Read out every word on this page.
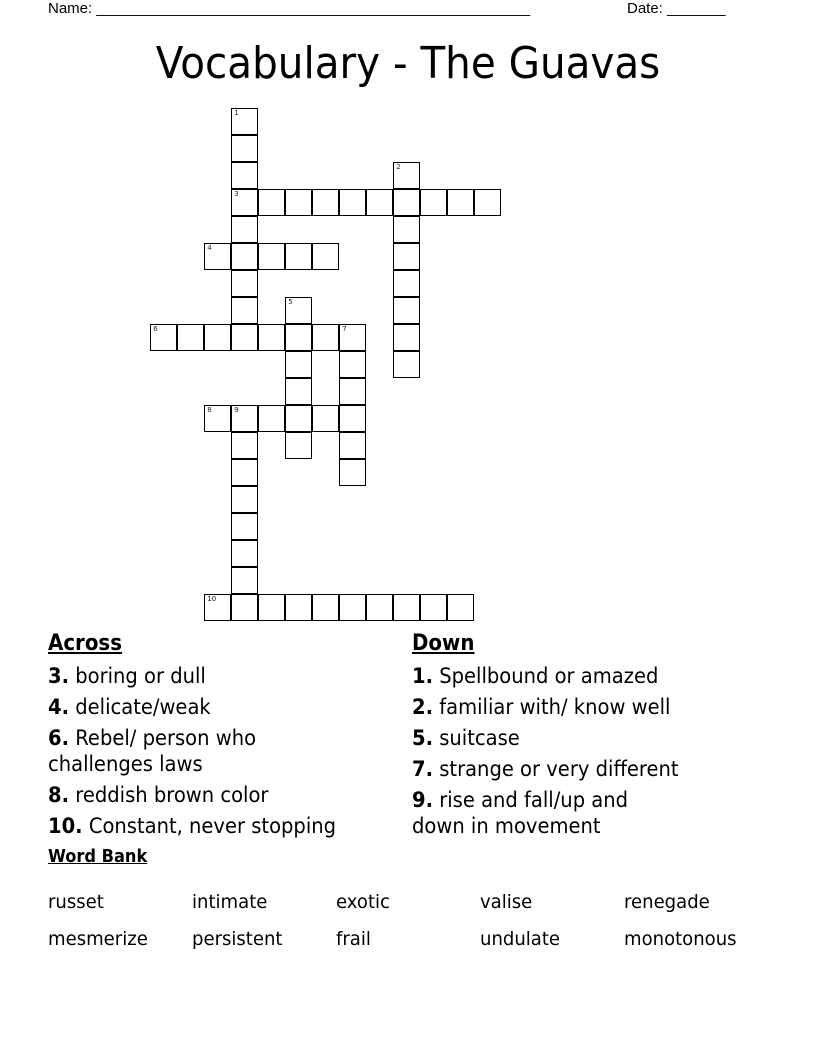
Name: ____________________________________________________	Date: _______
Vocabulary - The Guavas
1
3
2
4
5
6	7
8	9
10
Across
3. boring or dull
4. delicate/weak
6. Rebel/ person who challenges laws
8. reddish brown color
10. Constant, never stopping
Down
1. Spellbound or amazed
2. familiar with/ know well
5. suitcase
7. strange or very different
9. rise and fall/up and down in movement
Word Bank
russet	intimate	exotic	valise	renegade
mesmerize	persistent	frail	undulate	monotonous
